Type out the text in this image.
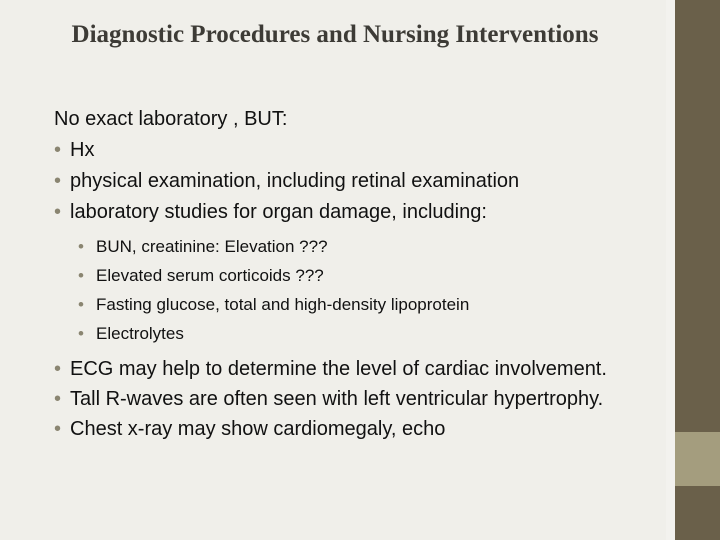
Diagnostic Procedures and Nursing Interventions
No exact laboratory , BUT:
• Hx
• physical examination, including retinal examination
• laboratory studies for organ damage, including:
• BUN, creatinine: Elevation ???
• Elevated serum corticoids ???
• Fasting glucose, total and high-density lipoprotein
• Electrolytes
• ECG may help to determine the level of cardiac involvement.
• Tall R-waves are often seen with left ventricular hypertrophy.
• Chest x-ray may show cardiomegaly, echo
